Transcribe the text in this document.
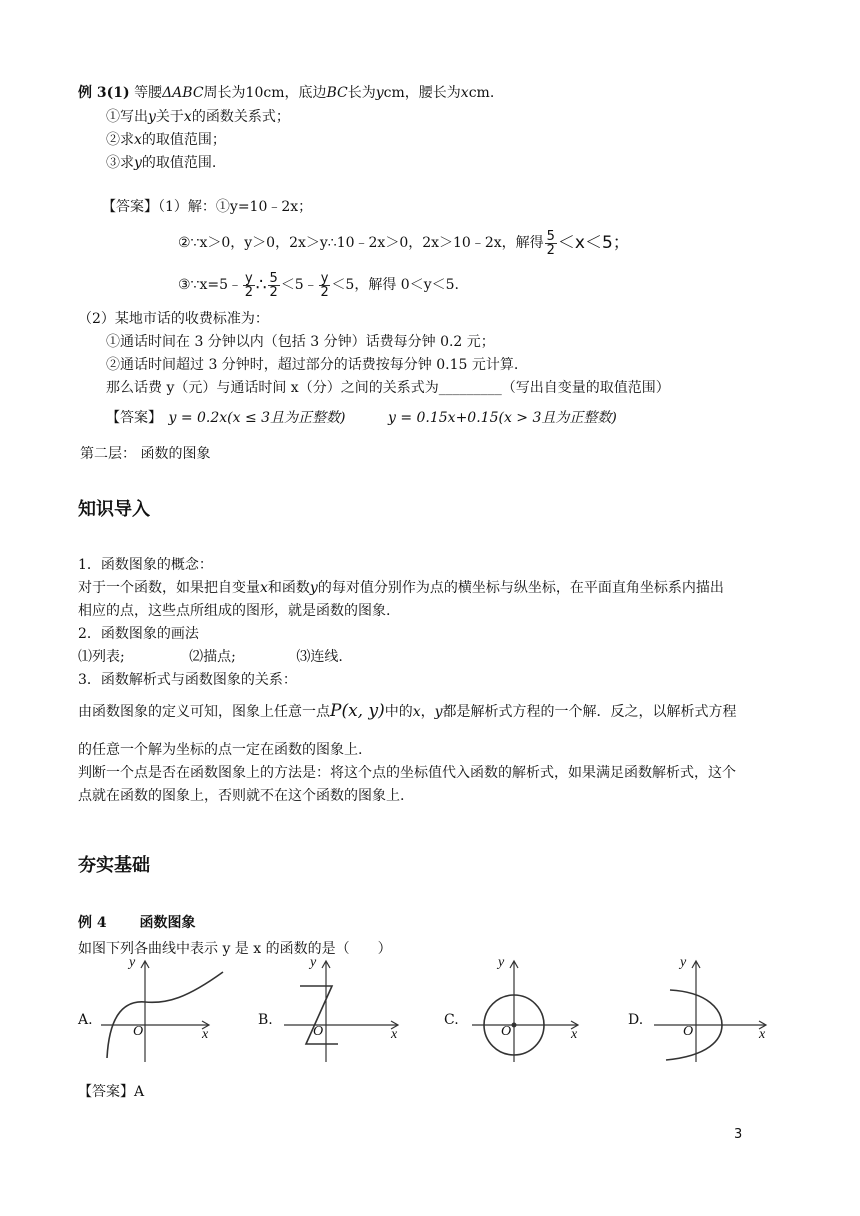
例 3(1) 等腰ΔABC周长为10cm，底边BC长为ycm，腰长为xcm.
①写出y关于x的函数关系式；
②求x的取值范围；
③求y的取值范围.
【答案】（1）解：①y=10﹣2x；
②∵x＞0，y＞0，2x＞y∴10﹣2x＞0，2x＞10﹣2x，解得 $\frac{5}{2} <x<5$；
③∵x=5﹣ $\frac{y}{2}$ ∴ $\frac{5}{2}$ ＜5﹣ $\frac{y}{2} <5$，解得 0＜y＜5.
（2）某地市话的收费标准为：
①通话时间在 3 分钟以内（包括 3 分钟）话费每分钟 0.2 元；
②通话时间超过 3 分钟时，超过部分的话费按每分钟 0.15 元计算.
那么话费 y（元）与通话时间 x（分）之间的关系式为_________（写出自变量的取值范围）
【答案】 y = 0.2x(x ≤ 3且为正整数)	y = 0.15x+0.15(x > 3且为正整数)
第二层： 函数的图象
知识导入
1．函数图象的概念：
对于一个函数，如果把自变量x和函数y的每对值分别作为点的横坐标与纵坐标，在平面直角坐标系内描出
相应的点，这些点所组成的图形，就是函数的图象.
2．函数图象的画法
⑴列表;	⑵描点;	⑶连线.
3．函数解析式与函数图象的关系：
由函数图象的定义可知，图象上任意一点P(x, y)中的x，y都是解析式方程的一个解．反之，以解析式方程
的任意一个解为坐标的点一定在函数的图象上.
判断一个点是否在函数图象上的方法是：将这个点的坐标值代入函数的解析式，如果满足函数解析式，这个
点就在函数的图象上，否则就不在这个函数的图象上.
夯实基础
例 4 函数图象
如图下列各曲线中表示 y 是 x 的函数的是（　　）
A.	B.	C.	D.
y
x
O
y
x
O
y
x
O
y
x
O
【答案】A
3
